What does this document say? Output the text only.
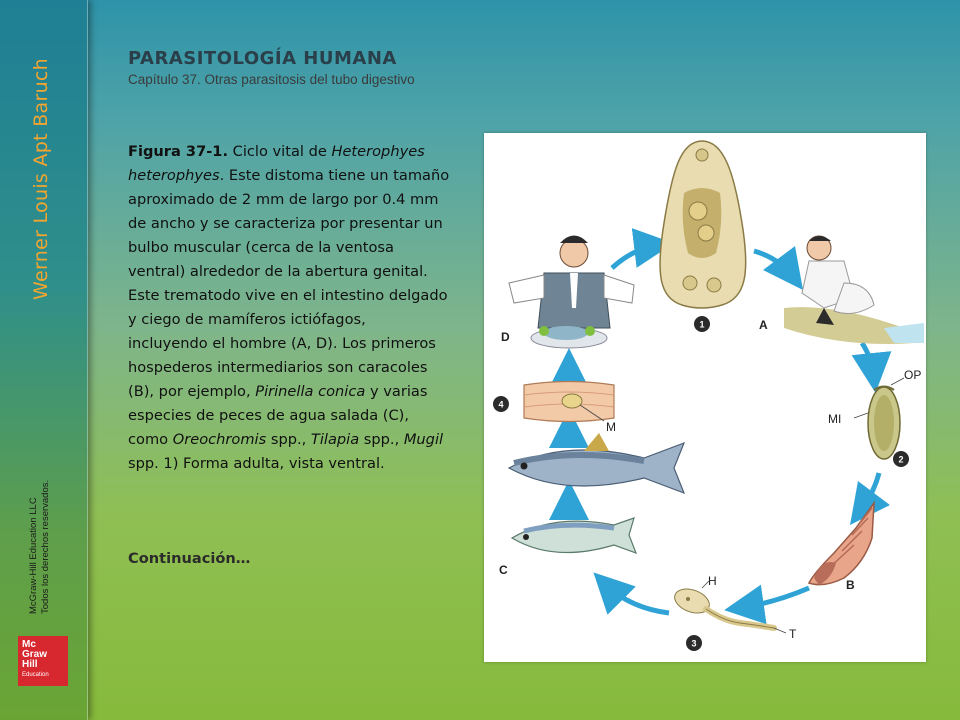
Werner Louis Apt Baruch
McGraw-Hill Education LLC Todos los derechos reservados.
Mc
Graw
Hill
Education
PARASITOLOGÍA HUMANA
Capítulo 37. Otras parasitosis del tubo digestivo
Figura 37-1. Ciclo vital de Heterophyes heterophyes. Este distoma tiene un tamaño aproximado de 2 mm de largo por 0.4 mm de ancho y se caracteriza por presentar un bulbo muscular (cerca de la ventosa ventral) alrededor de la abertura genital. Este trematodo vive en el intestino delgado y ciego de mamíferos ictiófagos, incluyendo el hombre (A, D). Los primeros hospederos intermediarios son caracoles (B), por ejemplo, Pirinella conica y varias especies de peces de agua salada (C), como Oreochromis spp., Tilapia spp., Mugil spp. 1) Forma adulta, vista ventral.
Continuación…
1
D
A
OP
MI
2
B
H
T
3
C
M
4
